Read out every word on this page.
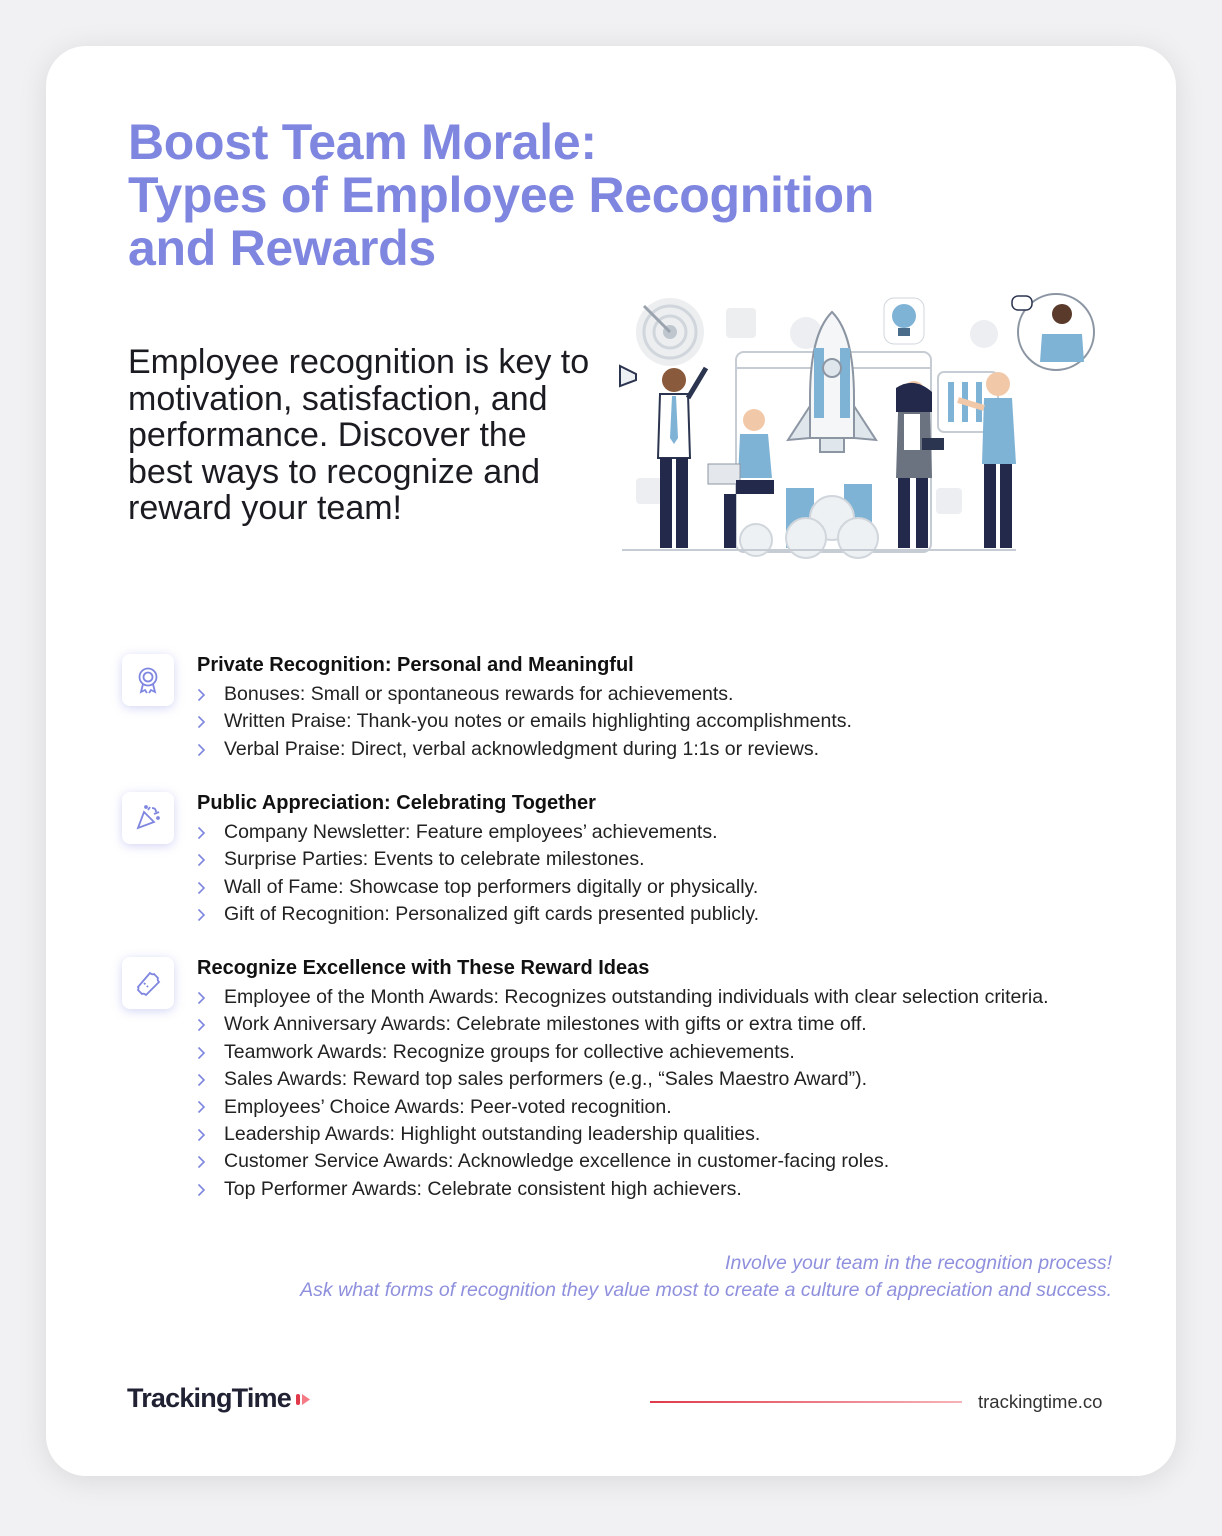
Boost Team Morale:
Types of Employee Recognition
and Rewards

Employee recognition is key to motivation, satisfaction, and performance. Discover the best ways to recognize and reward your team!

Private Recognition: Personal and Meaningful
Bonuses: Small or spontaneous rewards for achievements.
Written Praise: Thank-you notes or emails highlighting accomplishments.
Verbal Praise: Direct, verbal acknowledgment during 1:1s or reviews.
Public Appreciation: Celebrating Together
Company Newsletter: Feature employees’ achievements.
Surprise Parties: Events to celebrate milestones.
Wall of Fame: Showcase top performers digitally or physically.
Gift of Recognition: Personalized gift cards presented publicly.
Recognize Excellence with These Reward Ideas
Employee of the Month Awards: Recognizes outstanding individuals with clear selection criteria.
Work Anniversary Awards: Celebrate milestones with gifts or extra time off.
Teamwork Awards: Recognize groups for collective achievements.
Sales Awards: Reward top sales performers (e.g., “Sales Maestro Award”).
Employees’ Choice Awards: Peer-voted recognition.
Leadership Awards: Highlight outstanding leadership qualities.
Customer Service Awards: Acknowledge excellence in customer-facing roles.
Top Performer Awards: Celebrate consistent high achievers.
Involve your team in the recognition process!
Ask what forms of recognition they value most to create a culture of appreciation and success.
TrackingTime	trackingtime.co
